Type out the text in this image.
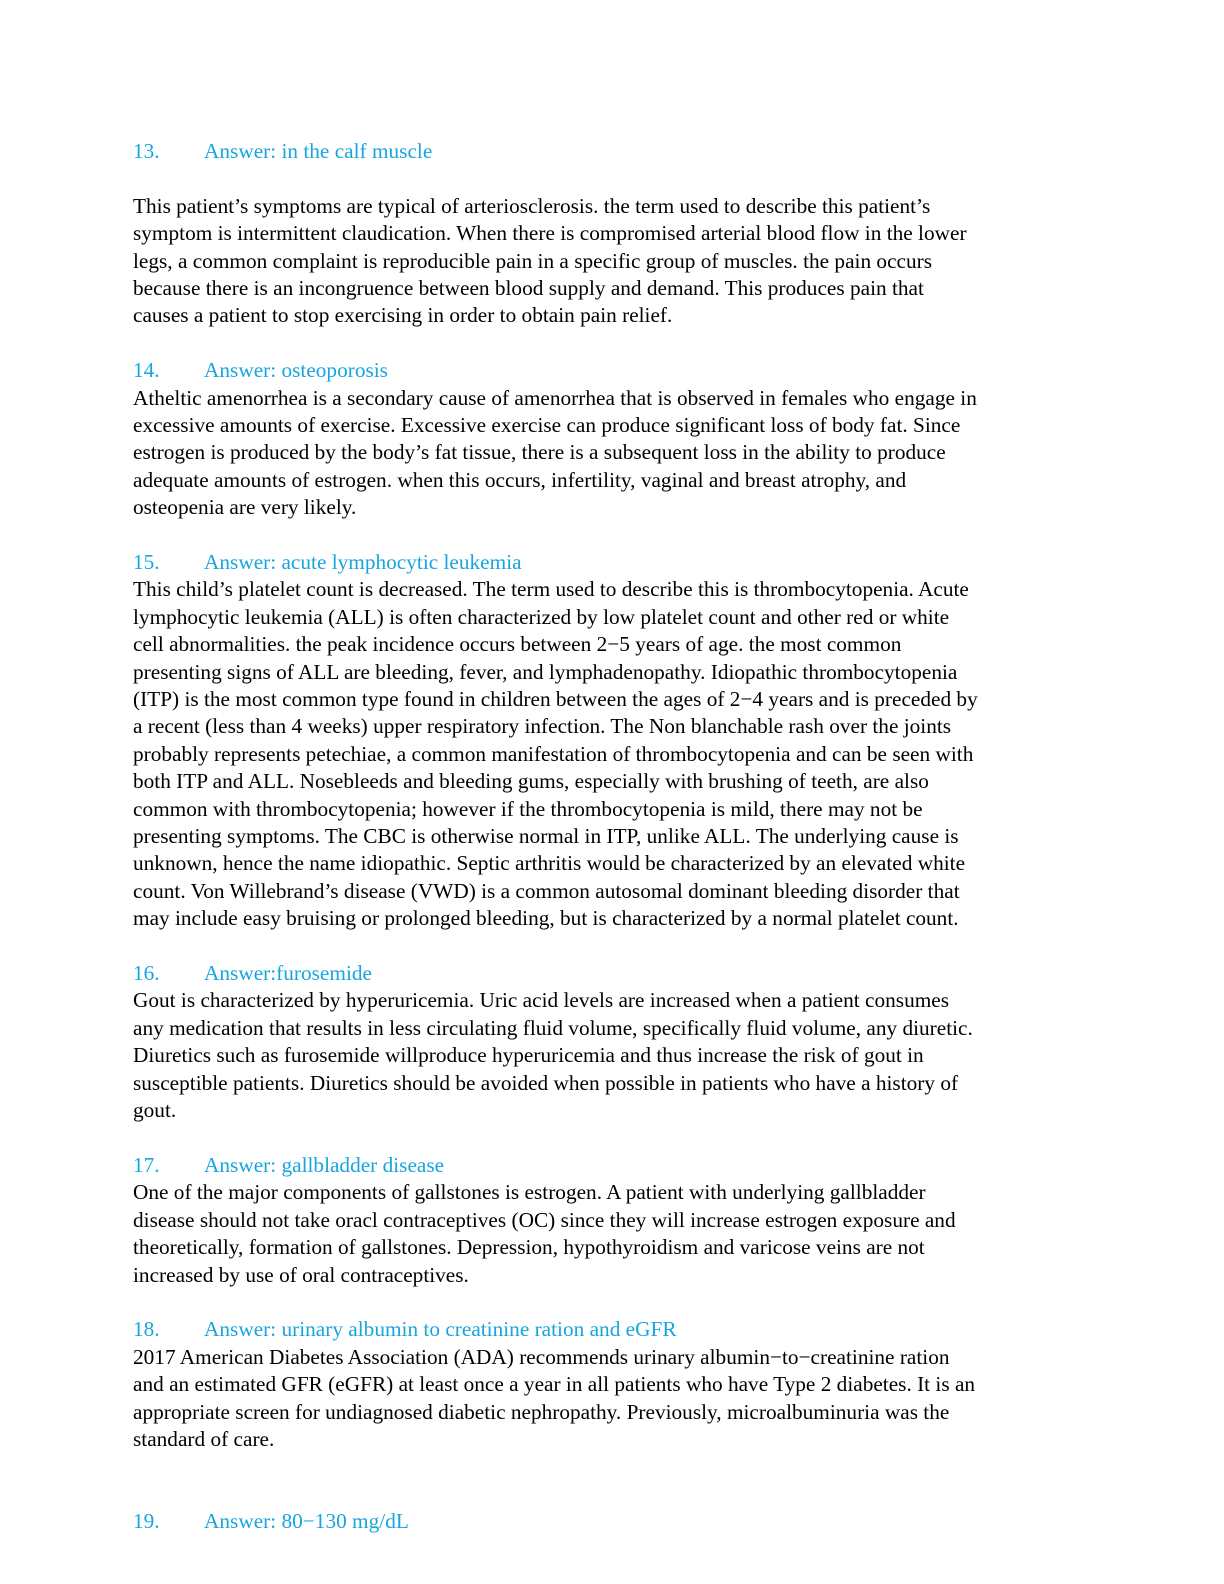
13. Answer: in the calf muscle

This patient’s symptoms are typical of arteriosclerosis. the term used to describe this patient’s
symptom is intermittent claudication. When there is compromised arterial blood flow in the lower
legs, a common complaint is reproducible pain in a specific group of muscles. the pain occurs
because there is an incongruence between blood supply and demand. This produces pain that
causes a patient to stop exercising in order to obtain pain relief.

14. Answer: osteoporosis

Atheltic amenorrhea is a secondary cause of amenorrhea that is observed in females who engage in
excessive amounts of exercise. Excessive exercise can produce significant loss of body fat. Since
estrogen is produced by the body’s fat tissue, there is a subsequent loss in the ability to produce
adequate amounts of estrogen. when this occurs, infertility, vaginal and breast atrophy, and
osteopenia are very likely.

15. Answer: acute lymphocytic leukemia

This child’s platelet count is decreased. The term used to describe this is thrombocytopenia. Acute
lymphocytic leukemia (ALL) is often characterized by low platelet count and other red or white
cell abnormalities. the peak incidence occurs between 2−5 years of age. the most common
presenting signs of ALL are bleeding, fever, and lymphadenopathy. Idiopathic thrombocytopenia
(ITP) is the most common type found in children between the ages of 2−4 years and is preceded by
a recent (less than 4 weeks) upper respiratory infection. The Non blanchable rash over the joints
probably represents petechiae, a common manifestation of thrombocytopenia and can be seen with
both ITP and ALL. Nosebleeds and bleeding gums, especially with brushing of teeth, are also
common with thrombocytopenia; however if the thrombocytopenia is mild, there may not be
presenting symptoms. The CBC is otherwise normal in ITP, unlike ALL. The underlying cause is
unknown, hence the name idiopathic. Septic arthritis would be characterized by an elevated white
count. Von Willebrand’s disease (VWD) is a common autosomal dominant bleeding disorder that
may include easy bruising or prolonged bleeding, but is characterized by a normal platelet count.

16. Answer:furosemide

Gout is characterized by hyperuricemia. Uric acid levels are increased when a patient consumes
any medication that results in less circulating fluid volume, specifically fluid volume, any diuretic.
Diuretics such as furosemide willproduce hyperuricemia and thus increase the risk of gout in
susceptible patients. Diuretics should be avoided when possible in patients who have a history of
gout.

17. Answer: gallbladder disease

One of the major components of gallstones is estrogen. A patient with underlying gallbladder
disease should not take oracl contraceptives (OC) since they will increase estrogen exposure and
theoretically, formation of gallstones. Depression, hypothyroidism and varicose veins are not
increased by use of oral contraceptives.

18. Answer: urinary albumin to creatinine ration and eGFR

2017 American Diabetes Association (ADA) recommends urinary albumin−to−creatinine ration
and an estimated GFR (eGFR) at least once a year in all patients who have Type 2 diabetes. It is an
appropriate screen for undiagnosed diabetic nephropathy. Previously, microalbuminuria was the
standard of care.

19. Answer: 80−130 mg/dL
